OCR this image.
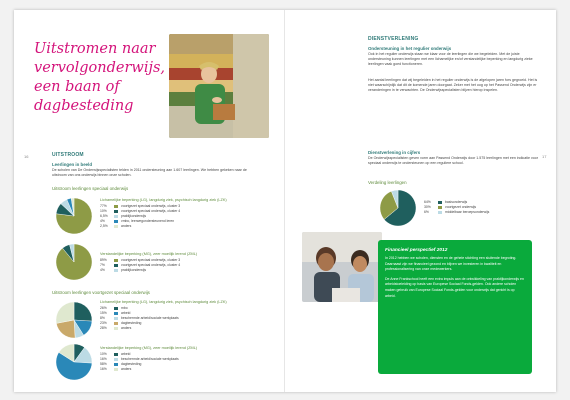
Uitstromen naar
vervolgonderwijs,
een baan of
dagbesteding
16	UITSTROOM
Leerlingen in beeld
De scholen van De Onderwijsspecialisten telden in 2011 ondersteuning aan 1.607 leerlingen. We hebben gekeken naar de uitstroom van ons onderwijs binnen onze scholen.
Uitstroom leerlingen speciaal onderwijs
Lichamelijke beperking (LG), langdurig ziek, psychisch langdurig ziek (LZK)
77%	voortgezet speciaal onderwijs, cluster 3
10%	voortgezet speciaal onderwijs, cluster 4
6,5%	praktijkonderwijs
4%	vmbo, leerwegondersteunend leren
2,5%	anders
Verstandelijke beperking (MG), zeer moeilijk lerend (ZML)
89%	voortgezet speciaal onderwijs, cluster 3
7%	voortgezet speciaal onderwijs, cluster 4
4%	praktijkonderwijs
Uitstroom leerlingen voortgezet speciaal onderwijs
Lichamelijke beperking (LG), langdurig ziek, psychisch langdurig ziek (LZK)
26%	mbo
15%	arbeid
8%	beschermde arbeid/sociale werkplaats
23%	dagbesteding
28%	anders
Verstandelijke beperking (MG), zeer moeilijk lerend (ZML)
10%	arbeid
16%	beschermde arbeid/sociale werkplaats
58%	dagbesteding
16%	anders
DIENSTVERLENING
Ondersteuning in het regulier onderwijs
Ook in het regulier onderwijs staan we klaar voor de leerlingen die we begeleiden. Met de juiste ondersteuning kunnen leerlingen met een lichamelijke en/of verstandelijke beperking en langdurig zieke leerlingen vaak goed functioneren.
Het aantal leerlingen dat wij begeleiden in het regulier onderwijs is de afgelopen jaren fors gegroeid. Het is niet waarschijnlijk dat dit de komende jaren doorgaat. Zeker met het oog op het Passend Onderwijs zijn er veranderingen in te verwachten. De Onderwijsspecialisten blijven hierop inspelen.
17
Dienstverlening in cijfers
De Onderwijsspecialisten geven vorm aan Passend Onderwijs door 1.575 leerlingen met een indicatie voor speciaal onderwijs te ondersteunen op een reguliere school.
Verdeling leerlingen
64%	basisonderwijs
30%	voortgezet onderwijs
6%	middelbaar beroepsonderwijs
Financieel perspectief 2012
In 2012 hebben we scholen, diensten en de gehele stichting een sluitende begroting. Daarnaast zijn we financieel gezond en blijven we investeren in kwaliteit en professionalisering van onze medewerkers.
De Anne Frankschool heeft een extra impuls aan de ontwikkeling van praktijkonderwijs en arbeidstoeleiding op basis van Europese Sociaal Fonds-gelden. Ook andere scholen maken gebruik van Europese Sociaal Fonds-gelden voor onderwijs dat gericht is op arbeid.
